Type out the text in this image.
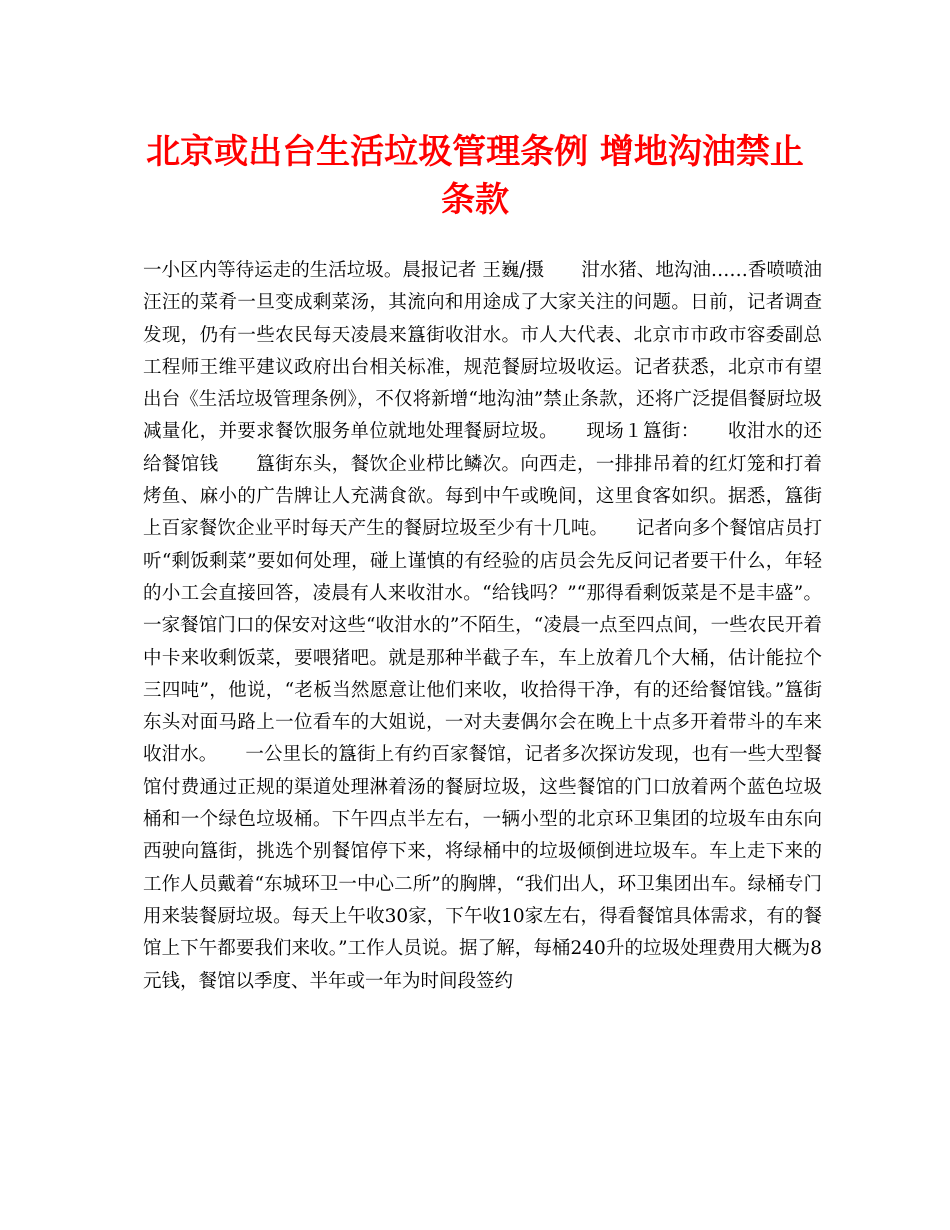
北京或出台生活垃圾管理条例 增地沟油禁止条款

一小区内等待运走的生活垃圾。晨报记者 王巍/摄　　泔水猪、地沟油……香喷喷油汪汪的菜肴一旦变成剩菜汤，其流向和用途成了大家关注的问题。日前，记者调查发现，仍有一些农民每天凌晨来簋街收泔水。市人大代表、北京市市政市容委副总工程师王维平建议政府出台相关标准，规范餐厨垃圾收运。记者获悉，北京市有望出台《生活垃圾管理条例》，不仅将新增“地沟油”禁止条款，还将广泛提倡餐厨垃圾减量化，并要求餐饮服务单位就地处理餐厨垃圾。　　现场１簋街：　　收泔水的还给餐馆钱　　簋街东头，餐饮企业栉比鳞次。向西走，一排排吊着的红灯笼和打着烤鱼、麻小的广告牌让人充满食欲。每到中午或晚间，这里食客如织。据悉，簋街上百家餐饮企业平时每天产生的餐厨垃圾至少有十几吨。　　记者向多个餐馆店员打听“剩饭剩菜”要如何处理，碰上谨慎的有经验的店员会先反问记者要干什么，年轻的小工会直接回答，凌晨有人来收泔水。“给钱吗？”“那得看剩饭菜是不是丰盛”。一家餐馆门口的保安对这些“收泔水的”不陌生，“凌晨一点至四点间，一些农民开着中卡来收剩饭菜，要喂猪吧。就是那种半截子车，车上放着几个大桶，估计能拉个三四吨”，他说，“老板当然愿意让他们来收，收拾得干净，有的还给餐馆钱。”簋街东头对面马路上一位看车的大姐说，一对夫妻偶尔会在晚上十点多开着带斗的车来收泔水。　　一公里长的簋街上有约百家餐馆，记者多次探访发现，也有一些大型餐馆付费通过正规的渠道处理淋着汤的餐厨垃圾，这些餐馆的门口放着两个蓝色垃圾桶和一个绿色垃圾桶。下午四点半左右，一辆小型的北京环卫集团的垃圾车由东向西驶向簋街，挑选个别餐馆停下来，将绿桶中的垃圾倾倒进垃圾车。车上走下来的工作人员戴着“东城环卫一中心二所”的胸牌，“我们出人，环卫集团出车。绿桶专门用来装餐厨垃圾。每天上午收30家，下午收10家左右，得看餐馆具体需求，有的餐馆上下午都要我们来收。”工作人员说。据了解，每桶240升的垃圾处理费用大概为8元钱，餐馆以季度、半年或一年为时间段签约
